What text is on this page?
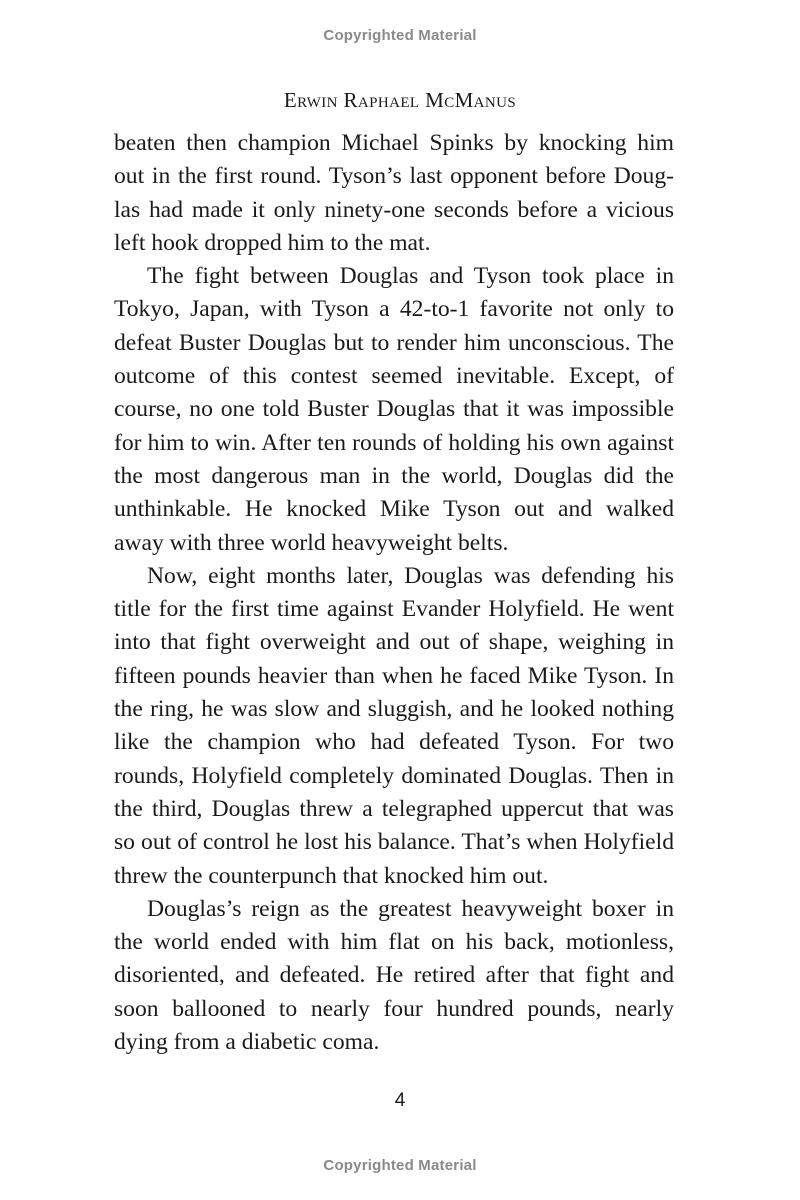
Copyrighted Material
Erwin Raphael McManus

beaten then champion Michael Spinks by knocking him out in the first round. Tyson’s last opponent before Douglas had made it only ninety-one seconds before a vicious left hook dropped him to the mat.

The fight between Douglas and Tyson took place in Tokyo, Japan, with Tyson a 42-to-1 favorite not only to defeat Buster Douglas but to render him unconscious. The outcome of this contest seemed inevitable. Except, of course, no one told Buster Douglas that it was impossible for him to win. After ten rounds of holding his own against the most dangerous man in the world, Douglas did the unthinkable. He knocked Mike Tyson out and walked away with three world heavyweight belts.

Now, eight months later, Douglas was defending his title for the first time against Evander Holyfield. He went into that fight overweight and out of shape, weighing in fifteen pounds heavier than when he faced Mike Tyson. In the ring, he was slow and sluggish, and he looked nothing like the champion who had defeated Tyson. For two rounds, Holyfield completely dominated Douglas. Then in the third, Douglas threw a telegraphed uppercut that was so out of control he lost his balance. That’s when Holyfield threw the counterpunch that knocked him out.

Douglas’s reign as the greatest heavyweight boxer in the world ended with him flat on his back, motionless, disoriented, and defeated. He retired after that fight and soon ballooned to nearly four hundred pounds, nearly dying from a diabetic coma.

4
Copyrighted Material
